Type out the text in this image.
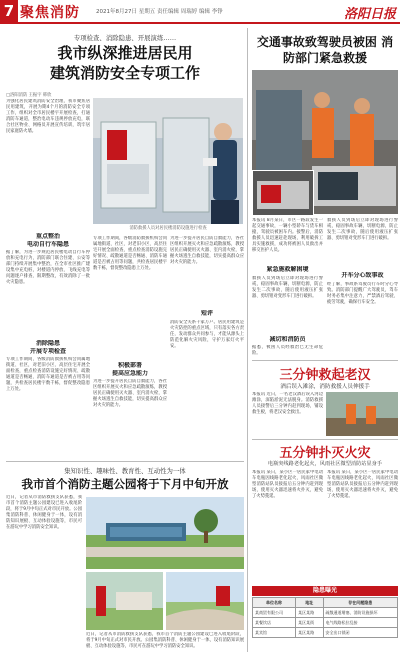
7 聚焦消防	2021年8月27日 星期五 责任编辑 周瑞婷 编辑 李铮	洛阳日报
专项检查、消除隐患、开展演练……
我市纵深推进居民用
建筑消防安全专项工作
□洛阳消防 王振宇 韩欣
为强化居民建筑消防安全治理，我市聚焦居民用建筑，开展为期4个月的消防安全专项工作，组织对全市居民楼宇开展检查，打通消防车通道，整治电动车违规停放充电，联合社区物业、网格员开展宣传培训，筑牢居民家庭防火墙。
消防救援人员对居民楼消防设施进行检查
重点整治
电动自行车隐患
据了解，为进一步规范居民楼电动自行车停放和充电行为，消防部门联合住建、公安等部门持续开展集中整治，在全市社区推广建设集中充电桩，对楼道内停放、飞线充电等问题逐户排查、限期整改，有效消除了一批火灾隐患。
消除隐患
开展专项检查
专项工作期间，各级消防救援机构会同属地街道、社区，对老旧小区、高层住宅开展全面检查，重点检查消防设施完好情况、疏散通道是否畅通、消防车通道是否被占用等问题，共检查居民楼宇数千栋，督促整改隐患上万处。
专项工作期间，各级消防救援机构会同属地街道、社区，对老旧小区、高层住宅开展全面检查，重点检查消防设施完好情况、疏散通道是否畅通、消防车通道是否被占用等问题，共检查居民楼宇数千栋，督促整改隐患上万处。
积极部署
提高应急能力
为进一步提升居民自防自救能力，各社区组织开展灭火和应急疏散演练，教授居民正确使用灭火器、室内消火栓，掌握火场逃生自救技能，切实提高群众应对火灾的能力。
为进一步提升居民自防自救能力，各社区组织开展灭火和应急疏散演练，教授居民正确使用灭火器、室内消火栓，掌握火场逃生自救技能，切实提高群众应对火灾的能力。
短评
消防安全关系千家万户。居民用建筑是火灾防控的重点区域，只有落实各方责任，发动群众共同参与，才能从源头上防范化解火灾风险，守护万家灯火平安。
集知识性、趣味性、教育性、互动性为一体
我市首个消防主题公园将于下月中旬开放
近日，记者从市消防救援支队获悉，我市首个消防主题公园建设已进入收尾阶段，将于9月中旬正式对市民开放。公园集消防科普、休闲健身于一体，设有消防知识展板、互动体验设施等，市民可在游玩中学习消防安全知识。
近日，记者从市消防救援支队获悉，我市首个消防主题公园建设已进入收尾阶段，将于9月中旬正式对市民开放。公园集消防科普、休闲健身于一体，设有消防知识展板、互动体验设施等，市民可在游玩中学习消防安全知识。
交通事故致驾驶员被困 消防部门紧急救援
本报讯 8月某日，市区一路段发生一起交通事故，一辆小型轿车与货车相撞，驾驶员被困车内。接警后，消防救援人员迅速赶赴现场，利用破拆工具实施救援，成功将被困人员救出并移交医护人员。
紧急施救解困境
救援人员到场后立即对现场进行警戒，稳固事故车辆，切断电源，防止发生二次事故，随后使用液压扩张器、剪切钳对变形车门进行破拆。
减切和消防员
据悉，被困人员经救治已无生命危险。
救援人员到场后立即对现场进行警戒，稳固事故车辆，切断电源，防止发生二次事故，随后使用液压扩张器、剪切钳对变形车门进行破拆。
开车分心致事故
经了解，事故系驾驶员行车时分心导致。消防部门提醒广大驾驶员，驾车时务必集中注意力，严禁酒后驾驶、疲劳驾驶，确保行车安全。
三分钟救起老汉
酒后误入滩涂，消防救援人员伸援手
本报讯 近日，一名老汉酒后误入河边滩涂，深陷淤泥无法脱身。消防救援人员接警后三分钟内赶到现场，铺设救生板，将老汉安全救出。
五分钟扑灭火灾
电瓶突线路老化起火，风雨社区微型消防站显身手
本报讯 某日，某小区一居民家中电动车电瓶因线路老化起火，风雨社区微型消防站队员接报后五分钟内赶到现场，使用灭火器迅速将火扑灭，避免了火势蔓延。
本报讯 某日，某小区一居民家中电动车电瓶因线路老化起火，风雨社区微型消防站队员接报后五分钟内赶到现场，使用灭火器迅速将火扑灭，避免了火势蔓延。
隐患曝光
单位名称	地址	存在问题隐患
某商贸有限公司	某区某路	疏散通道堵塞、消防设施损坏
某餐饮店	某区某街	电气线路私拉乱接
某宾馆	某区某路	安全出口锁闭
